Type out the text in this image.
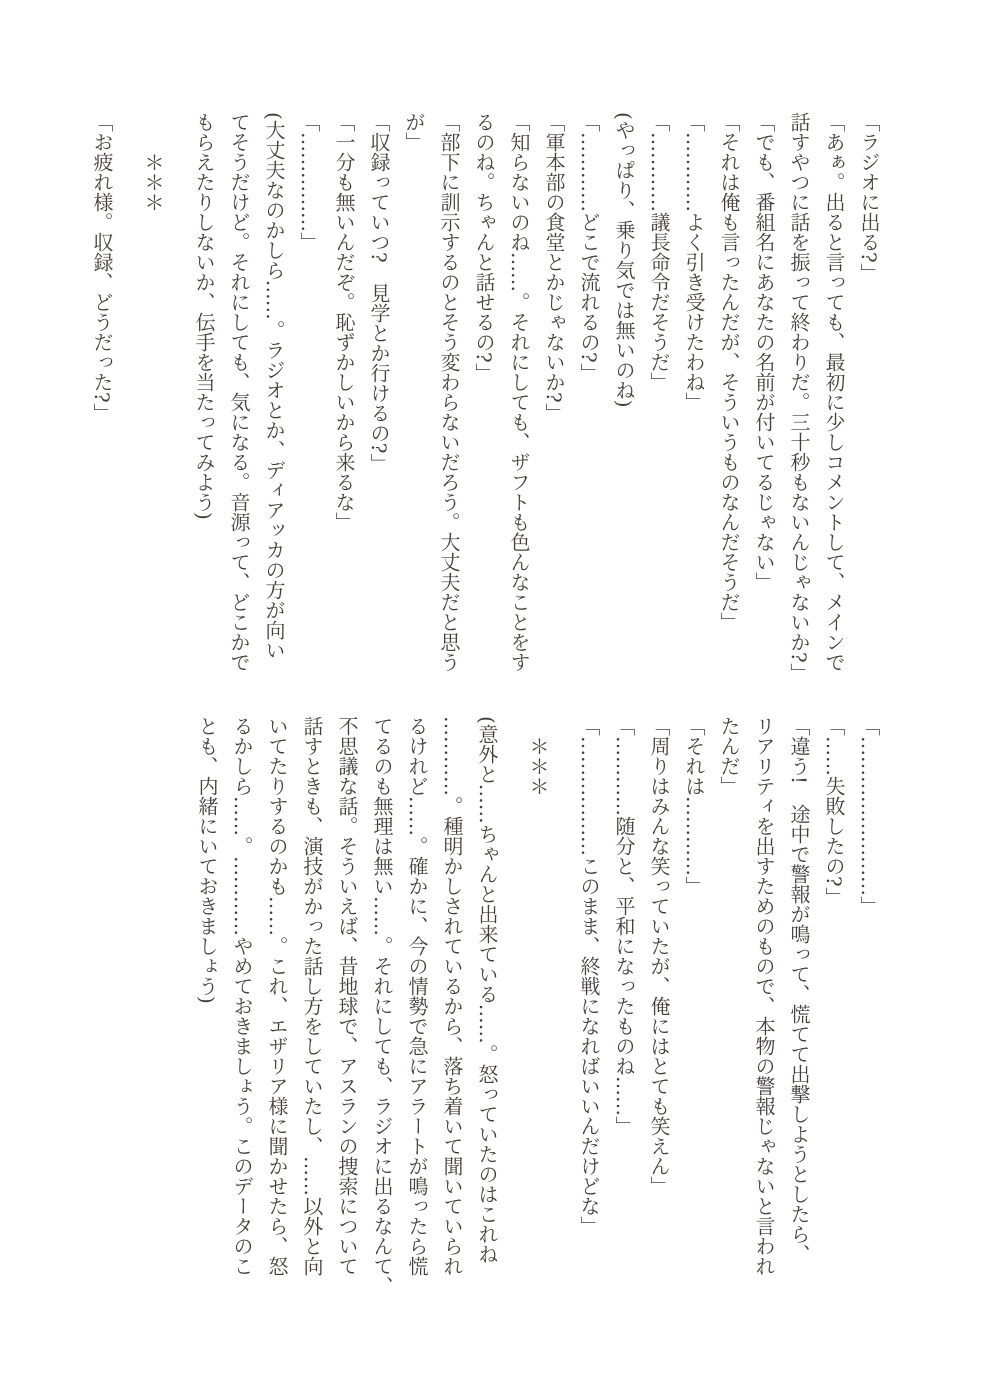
「ラジオに出る?」

「あぁ。出ると言っても、最初に少しコメントして、メインで

話すやつに話を振って終わりだ。三十秒もないんじゃないか?」

「でも、番組名にあなたの名前が付いてるじゃない」

「それは俺も言ったんだが、そういうものなんだそうだ」

「…………よく引き受けたわね」

「…………議長命令だそうだ」

(やっぱり、乗り気では無いのね)

「…………どこで流れるの?」

「軍本部の食堂とかじゃないか?」

「知らないのね……。それにしても、ザフトも色んなことをす

るのね。ちゃんと話せるの?」

「部下に訓示するのとそう変わらないだろう。大丈夫だと思う

が」

「収録っていつ?　見学とか行けるの?」

「一分も無いんだぞ。恥ずかしいから来るな」

「……………」

(大丈夫なのかしら……。ラジオとか、ディアッカの方が向い

てそうだけど。それにしても、気になる。音源って、どこかで

もらえたりしないか、伝手を当たってみよう)

　　＊＊＊

「お疲れ様。収録、どうだった?」

「……………………」

「……失敗したの?」

「違う!　途中で警報が鳴って、慌てて出撃しようとしたら、

リアリティを出すためのもので、本物の警報じゃないと言われ

たんだ」

「それは…………」

「周りはみんな笑っていたが、俺にはとても笑えん」

「…………随分と、平和になったものね……」

「………………このまま、終戦になればいいんだけどな」

　＊＊＊

(意外と……ちゃんと出来ている……。怒っていたのはこれね

…………。種明かしされているから、落ち着いて聞いていられ

るけれど……。確かに、今の情勢で急にアラートが鳴ったら慌

てるのも無理は無い……。それにしても、ラジオに出るなんて、

不思議な話。そういえば、昔地球で、アスランの捜索について

話すときも、演技がかった話し方をしていたし、……以外と向

いてたりするのかも……。これ、エザリア様に聞かせたら、怒

るかしら……。…………やめておきましょう。このデータのこ

とも、内緒にいておきましょう)
